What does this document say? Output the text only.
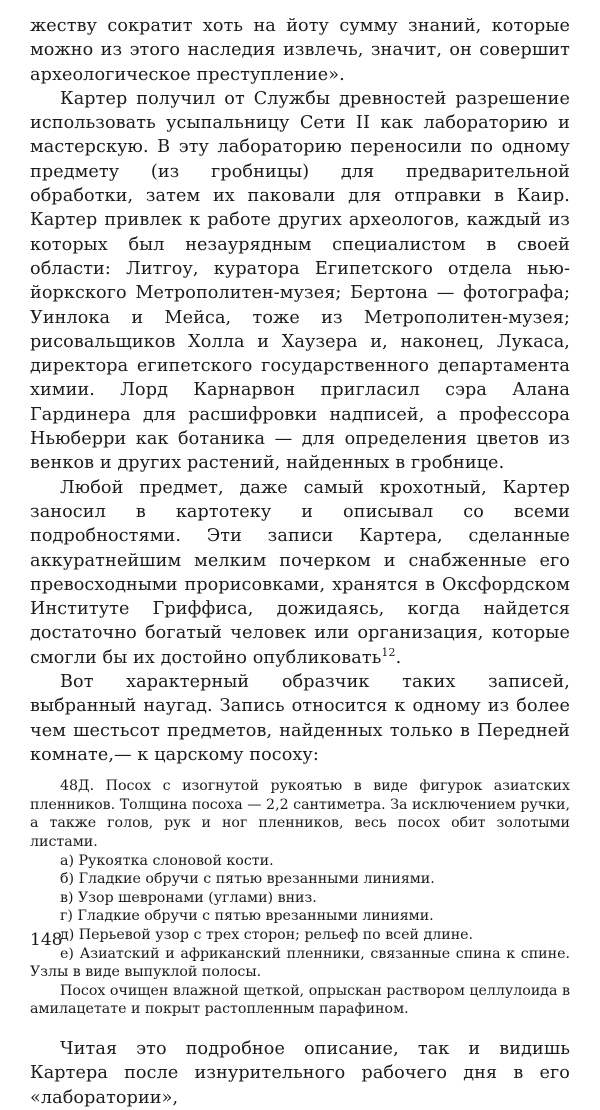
жеству сократит хоть на йоту сумму знаний, которые можно из этого наследия извлечь, значит, он совершит археологическое преступление».

Картер получил от Службы древностей разрешение использовать усыпальницу Сети II как лабораторию и мастерскую. В эту лабораторию переносили по одному предмету (из гробницы) для предварительной обработки, затем их паковали для отправки в Каир. Картер привлек к работе других археологов, каждый из которых был незаурядным специалистом в своей области: Литгоу, куратора Египетского отдела нью-йоркского Метрополитен-музея; Бертона — фотографа; Уинлока и Мейса, тоже из Метрополитен-музея; рисовальщиков Холла и Хаузера и, наконец, Лукаса, директора египетского государственного департамента химии. Лорд Карнарвон пригласил сэра Алана Гардинера для расшифровки надписей, а профессора Ньюберри как ботаника — для определения цветов из венков и других растений, найденных в гробнице.

Любой предмет, даже самый крохотный, Картер заносил в картотеку и описывал со всеми подробностями. Эти записи Картера, сделанные аккуратнейшим мелким почерком и снабженные его превосходными прорисовками, хранятся в Оксфордском Институте Гриффиса, дожидаясь, когда найдется достаточно богатый человек или организация, которые смогли бы их достойно опубликовать$^{12}$.

Вот характерный образчик таких записей, выбранный наугад. Запись относится к одному из более чем шестьсот предметов, найденных только в Передней комнате,— к царскому посоху:

48Д. Посох с изогнутой рукоятью в виде фигурок азиатских пленников. Толщина посоха — 2,2 сантиметра. За исключением ручки, а также голов, рук и ног пленников, весь посох обит золотыми листами.

а) Рукоятка слоновой кости.

б) Гладкие обручи с пятью врезанными линиями.

в) Узор шевронами (углами) вниз.

г) Гладкие обручи с пятью врезанными линиями.

д) Перьевой узор с трех сторон; рельеф по всей длине.

е) Азиатский и африканский пленники, связанные спина к спине. Узлы в виде выпуклой полосы.

Посох очищен влажной щеткой, опрыскан раствором целлулоида в амилацетате и покрыт растопленным парафином.

Читая это подробное описание, так и видишь Картера после изнурительного рабочего дня в его «лаборатории»,

148
